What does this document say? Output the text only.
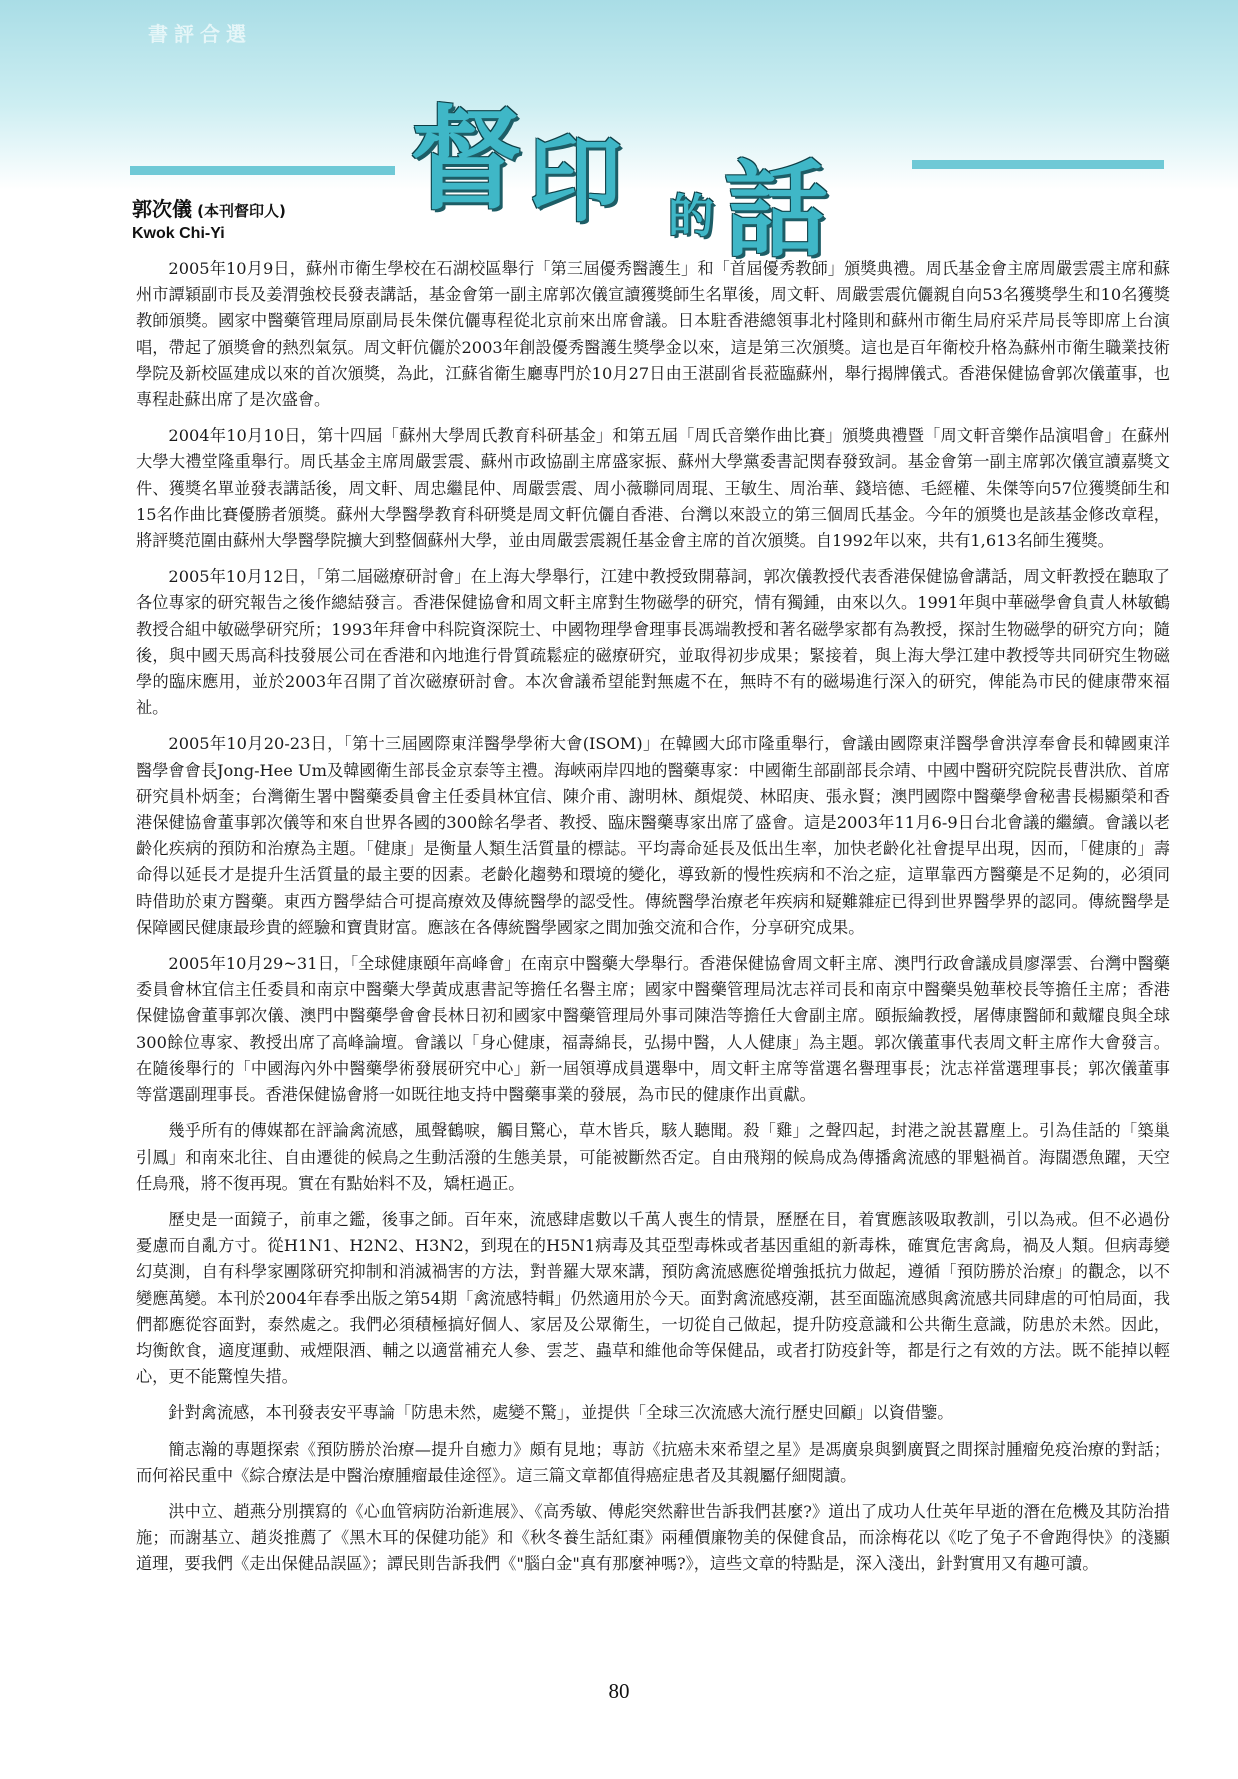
書評合選
督 印 的 話
郭次儀 (本刊督印人)
Kwok Chi-Yi

2005年10月9日，蘇州市衛生學校在石湖校區舉行「第三屆優秀醫護生」和「首屆優秀教師」頒獎典禮。周氏基金會主席周嚴雲震主席和蘇州市譚穎副市長及姜渭強校長發表講話，基金會第一副主席郭次儀宣讀獲獎師生名單後，周文軒、周嚴雲震伉儷親自向53名獲獎學生和10名獲獎教師頒獎。國家中醫藥管理局原副局長朱傑伉儷專程從北京前來出席會議。日本駐香港總領事北村隆則和蘇州市衛生局府采芹局長等即席上台演唱，帶起了頒獎會的熱烈氣氛。周文軒伉儷於2003年創設優秀醫護生獎學金以來，這是第三次頒獎。這也是百年衛校升格為蘇州市衛生職業技術學院及新校區建成以來的首次頒獎，為此，江蘇省衛生廳專門於10月27日由王湛副省長蒞臨蘇州，舉行揭牌儀式。香港保健協會郭次儀董事，也專程赴蘇出席了是次盛會。

2004年10月10日，第十四屆「蘇州大學周氏教育科研基金」和第五屆「周氏音樂作曲比賽」頒獎典禮暨「周文軒音樂作品演唱會」在蘇州大學大禮堂隆重舉行。周氏基金主席周嚴雲震、蘇州市政協副主席盛家振、蘇州大學黨委書記関春發致詞。基金會第一副主席郭次儀宣讀嘉獎文件、獲獎名單並發表講話後，周文軒、周忠繼昆仲、周嚴雲震、周小薇聯同周琨、王敏生、周治華、錢培德、毛經權、朱傑等向57位獲獎師生和15名作曲比賽優勝者頒獎。蘇州大學醫學教育科研獎是周文軒伉儷自香港、台灣以來設立的第三個周氏基金。今年的頒獎也是該基金修改章程，將評獎范圍由蘇州大學醫學院擴大到整個蘇州大學，並由周嚴雲震親任基金會主席的首次頒獎。自1992年以來，共有1,613名師生獲獎。

2005年10月12日，「第二屆磁療研討會」在上海大學舉行，江建中教授致開幕詞，郭次儀教授代表香港保健協會講話，周文軒教授在聽取了各位專家的研究報告之後作總結發言。香港保健協會和周文軒主席對生物磁學的研究，情有獨鍾，由來以久。1991年與中華磁學會負責人林敏鶴教授合組中敏磁學研究所；1993年拜會中科院資深院士、中國物理學會理事長馮端教授和著名磁學家都有為教授，探討生物磁學的研究方向；隨後，與中國天馬高科技發展公司在香港和內地進行骨質疏鬆症的磁療研究，並取得初步成果；緊接着，與上海大學江建中教授等共同研究生物磁學的臨床應用，並於2003年召開了首次磁療研討會。本次會議希望能對無處不在，無時不有的磁場進行深入的研究，俾能為市民的健康帶來福祉。

2005年10月20-23日，「第十三屆國際東洋醫學學術大會(ISOM)」在韓國大邱市隆重舉行，會議由國際東洋醫學會洪淳奉會長和韓國東洋醫學會會長Jong-Hee Um及韓國衛生部長金京泰等主禮。海峽兩岸四地的醫藥專家：中國衛生部副部長佘靖、中國中醫研究院院長曹洪欣、首席研究員朴炳奎；台灣衛生署中醫藥委員會主任委員林宜信、陳介甫、謝明林、顏焜熒、林昭庚、張永賢；澳門國際中醫藥學會秘書長楊顯榮和香港保健協會董事郭次儀等和來自世界各國的300餘名學者、教授、臨床醫藥專家出席了盛會。這是2003年11月6-9日台北會議的繼續。會議以老齡化疾病的預防和治療為主題。「健康」是衡量人類生活質量的標誌。平均壽命延長及低出生率，加快老齡化社會提早出現，因而，「健康的」壽命得以延長才是提升生活質量的最主要的因素。老齡化趨勢和環境的變化，導致新的慢性疾病和不治之症，這單靠西方醫藥是不足夠的，必須同時借助於東方醫藥。東西方醫學結合可提高療效及傳統醫學的認受性。傳統醫學治療老年疾病和疑難雜症已得到世界醫學界的認同。傳統醫學是保障國民健康最珍貴的經驗和寶貴財富。應該在各傳統醫學國家之間加強交流和合作，分享研究成果。

2005年10月29~31日，「全球健康頤年高峰會」在南京中醫藥大學舉行。香港保健協會周文軒主席、澳門行政會議成員廖澤雲、台灣中醫藥委員會林宜信主任委員和南京中醫藥大學黃成惠書記等擔任名譽主席；國家中醫藥管理局沈志祥司長和南京中醫藥吳勉華校長等擔任主席；香港保健協會董事郭次儀、澳門中醫藥學會會長林日初和國家中醫藥管理局外事司陳浩等擔任大會副主席。頤振綸教授，屠傳康醫師和戴耀良與全球300餘位專家、教授出席了高峰論壇。會議以「身心健康，福壽綿長，弘揚中醫，人人健康」為主題。郭次儀董事代表周文軒主席作大會發言。在隨後舉行的「中國海內外中醫藥學術發展研究中心」新一屆領導成員選舉中，周文軒主席等當選名譽理事長；沈志祥當選理事長；郭次儀董事等當選副理事長。香港保健協會將一如既往地支持中醫藥事業的發展，為市民的健康作出貢獻。

幾乎所有的傳媒都在評論禽流感，風聲鶴唳，觸目驚心，草木皆兵，駭人聽聞。殺「雞」之聲四起，封港之說甚囂塵上。引為佳話的「築巢引鳳」和南來北往、自由遷徙的候鳥之生動活潑的生態美景，可能被斷然否定。自由飛翔的候鳥成為傳播禽流感的罪魁禍首。海闊憑魚躍，天空任鳥飛，將不復再現。實在有點始料不及，矯枉過正。

歷史是一面鏡子，前車之鑑，後事之師。百年來，流感肆虐數以千萬人喪生的情景，歷歷在目，着實應該吸取教訓，引以為戒。但不必過份憂慮而自亂方寸。從H1N1、H2N2、H3N2，到現在的H5N1病毒及其亞型毒株或者基因重組的新毒株，確實危害禽鳥，禍及人類。但病毒變幻莫測，自有科學家團隊研究抑制和消滅禍害的方法，對普羅大眾來講，預防禽流感應從增強抵抗力做起，遵循「預防勝於治療」的觀念，以不變應萬變。本刊於2004年春季出版之第54期「禽流感特輯」仍然適用於今天。面對禽流感疫潮，甚至面臨流感與禽流感共同肆虐的可怕局面，我們都應從容面對，泰然處之。我們必須積極搞好個人、家居及公眾衛生，一切從自己做起，提升防疫意識和公共衛生意識，防患於未然。因此，均衡飲食，適度運動、戒煙限酒、輔之以適當補充人參、雲芝、蟲草和維他命等保健品，或者打防疫針等，都是行之有效的方法。既不能掉以輕心，更不能驚惶失措。

針對禽流感，本刊發表安平專論「防患未然，處變不驚」，並提供「全球三次流感大流行歷史回顧」以資借鑒。

簡志瀚的專題探索《預防勝於治療—提升自癒力》頗有見地；專訪《抗癌未來希望之星》是馮廣泉與劉廣賢之間探討腫瘤免疫治療的對話；而何裕民重中《綜合療法是中醫治療腫瘤最佳途徑》。這三篇文章都值得癌症患者及其親屬仔細閱讀。

洪中立、趙燕分別撰寫的《心血管病防治新進展》、《高秀敏、傅彪突然辭世告訴我們甚麼?》道出了成功人仕英年早逝的潛在危機及其防治措施；而謝基立、趙炎推薦了《黑木耳的保健功能》和《秋冬養生話紅棗》兩種價廉物美的保健食品，而涂梅花以《吃了兔子不會跑得快》的淺顯道理，要我們《走出保健品誤區》；譚民則告訴我們《"腦白金"真有那麼神嗎?》，這些文章的特點是，深入淺出，針對實用又有趣可讀。

80
